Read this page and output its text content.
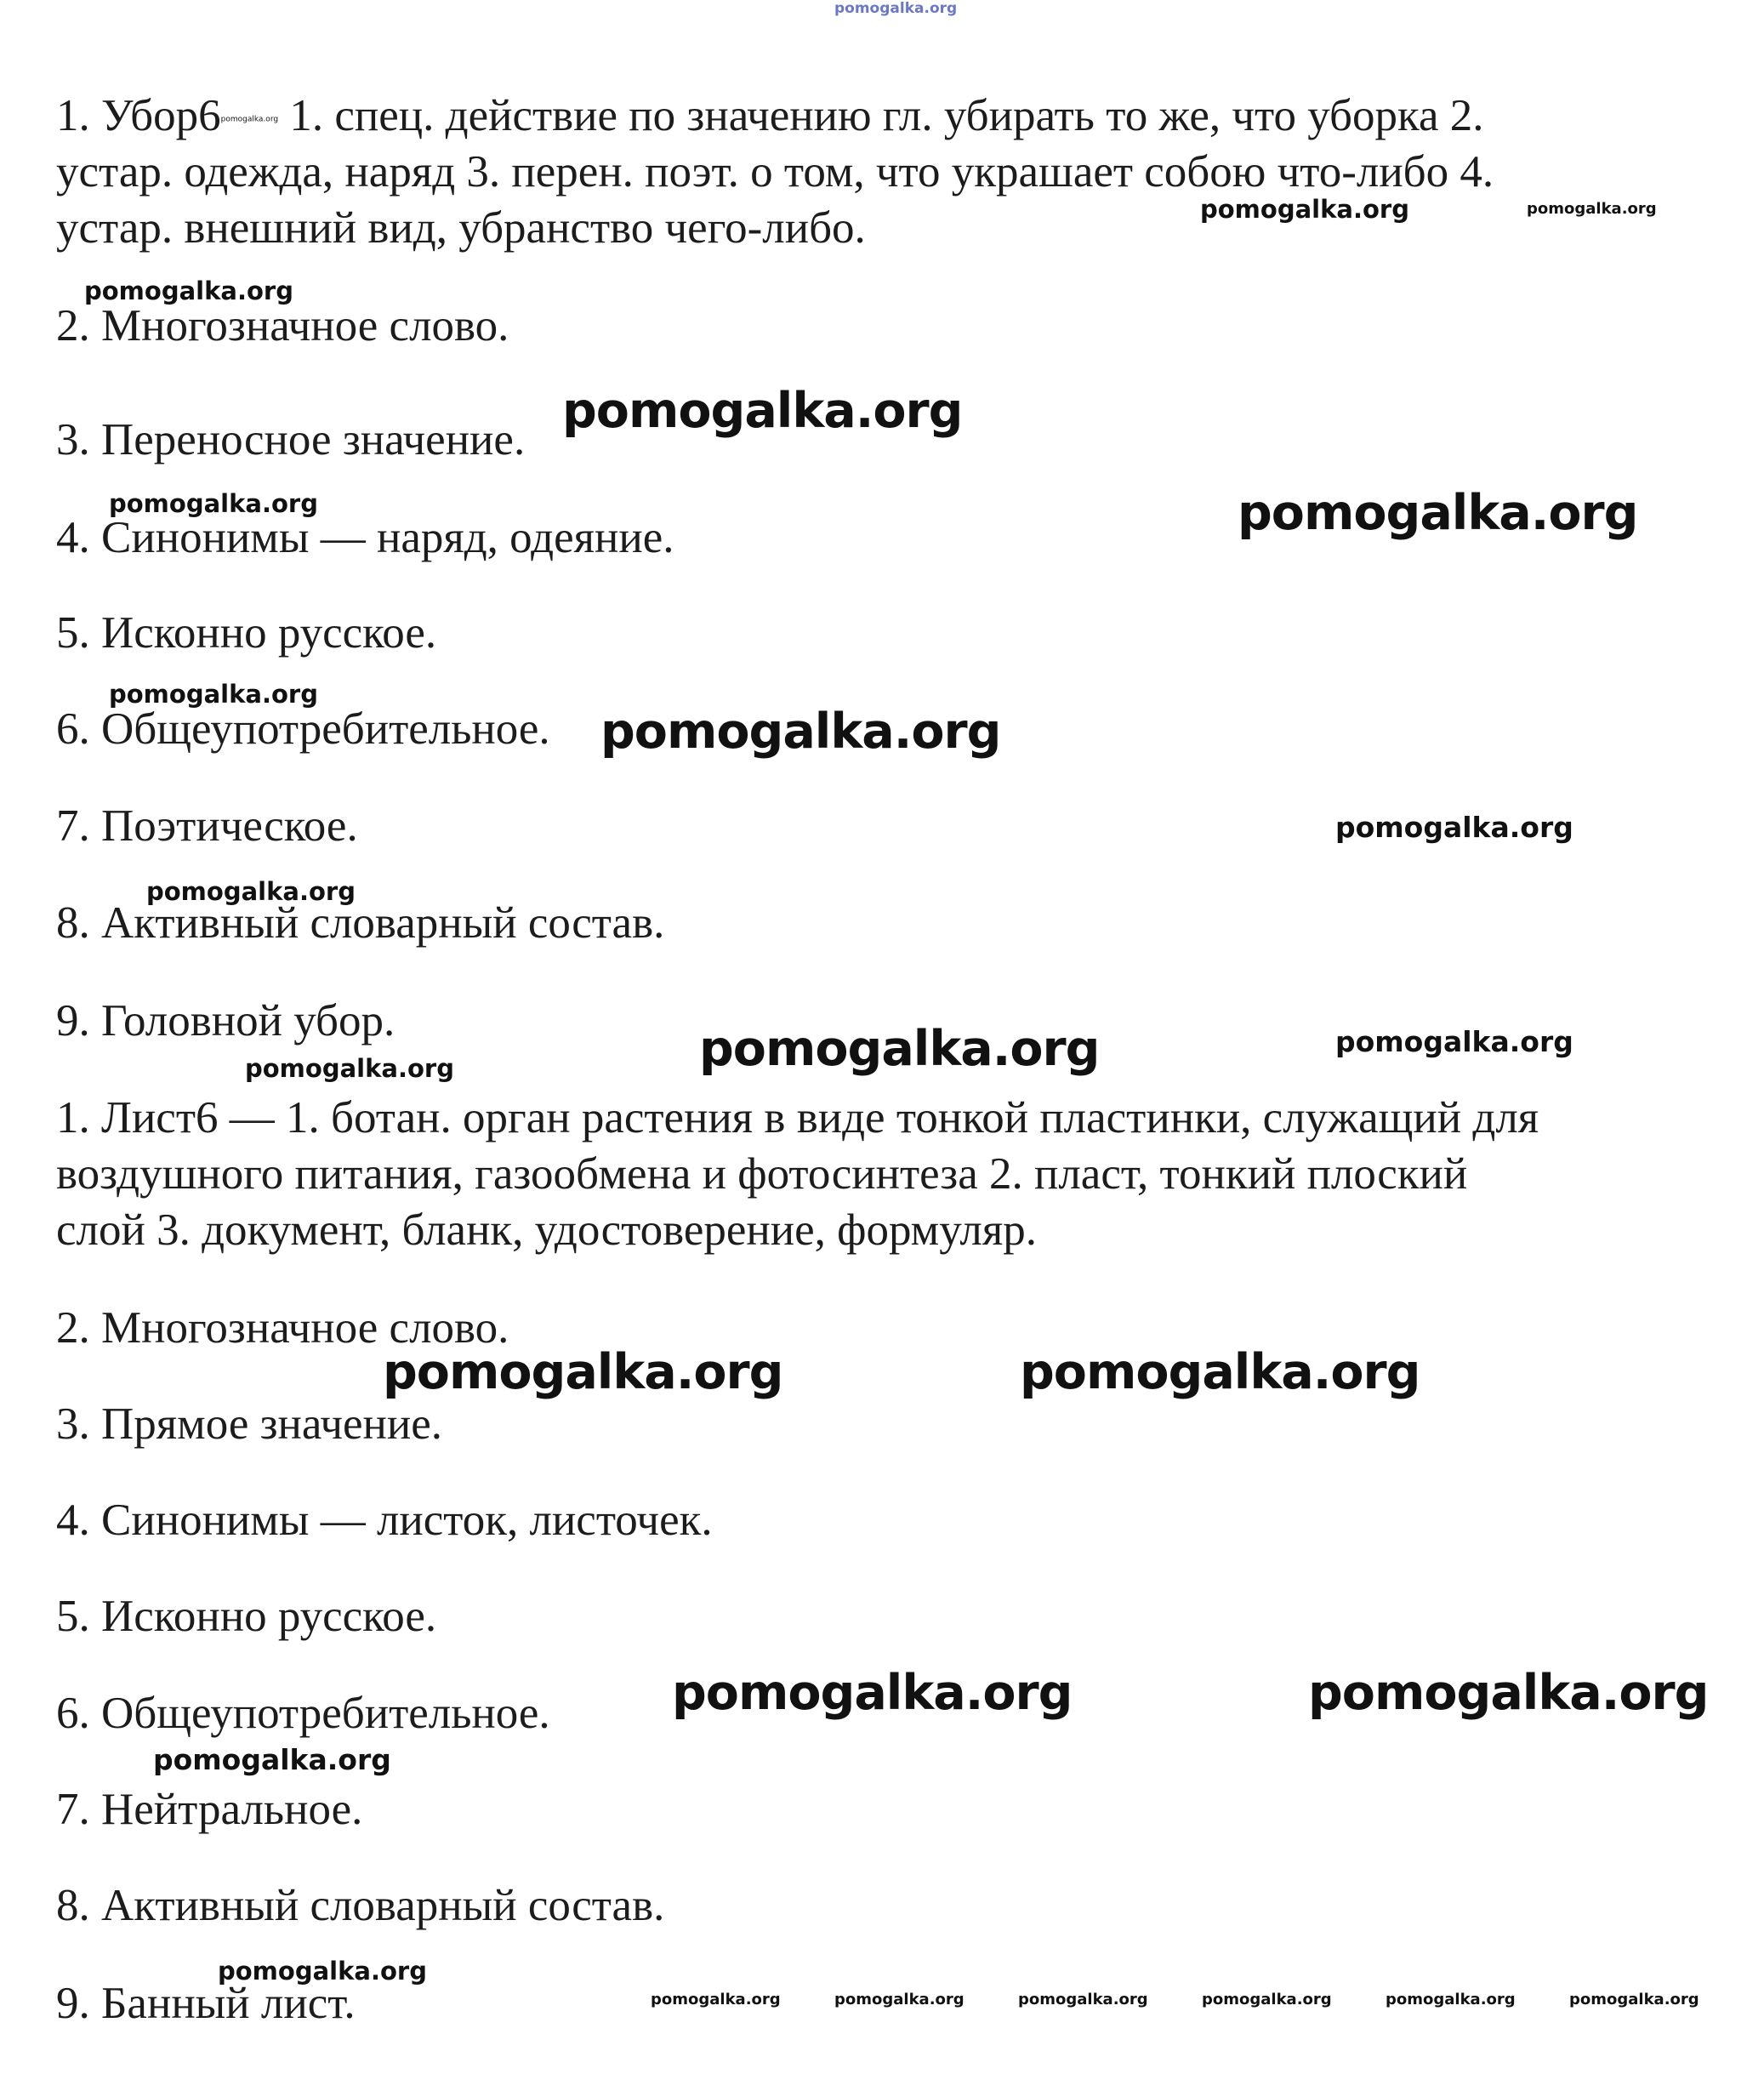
pomogalka.org
pomogalka.org	pomogalka.org
pomogalka.org
pomogalka.org
pomogalka.org	pomogalka.org
pomogalka.org
pomogalka.org
pomogalka.org
pomogalka.org
pomogalka.org	pomogalka.org
pomogalka.org
pomogalka.org	pomogalka.org
pomogalka.org	pomogalka.org
pomogalka.org
pomogalka.org
pomogalka.org	pomogalka.org	pomogalka.org	pomogalka.org	pomogalka.org	pomogalka.org

1. Убор6pomogalka.org 1. спец. действие по значению гл. убирать то же, что уборка 2.

устар. одежда, наряд 3. перен. поэт. о том, что украшает собою что-либо 4.

устар. внешний вид, убранство чего-либо.

2. Многозначное слово.

3. Переносное значение.

4. Синонимы — наряд, одеяние.

5. Исконно русское.

6. Общеупотребительное.

7. Поэтическое.

8. Активный словарный состав.

9. Головной убор.

1. Лист6 — 1. ботан. орган растения в виде тонкой пластинки, служащий для

воздушного питания, газообмена и фотосинтеза 2. пласт, тонкий плоский

слой 3. документ, бланк, удостоверение, формуляр.

2. Многозначное слово.

3. Прямое значение.

4. Синонимы — листок, листочек.

5. Исконно русское.

6. Общеупотребительное.

7. Нейтральное.

8. Активный словарный состав.

9. Банный лист.
